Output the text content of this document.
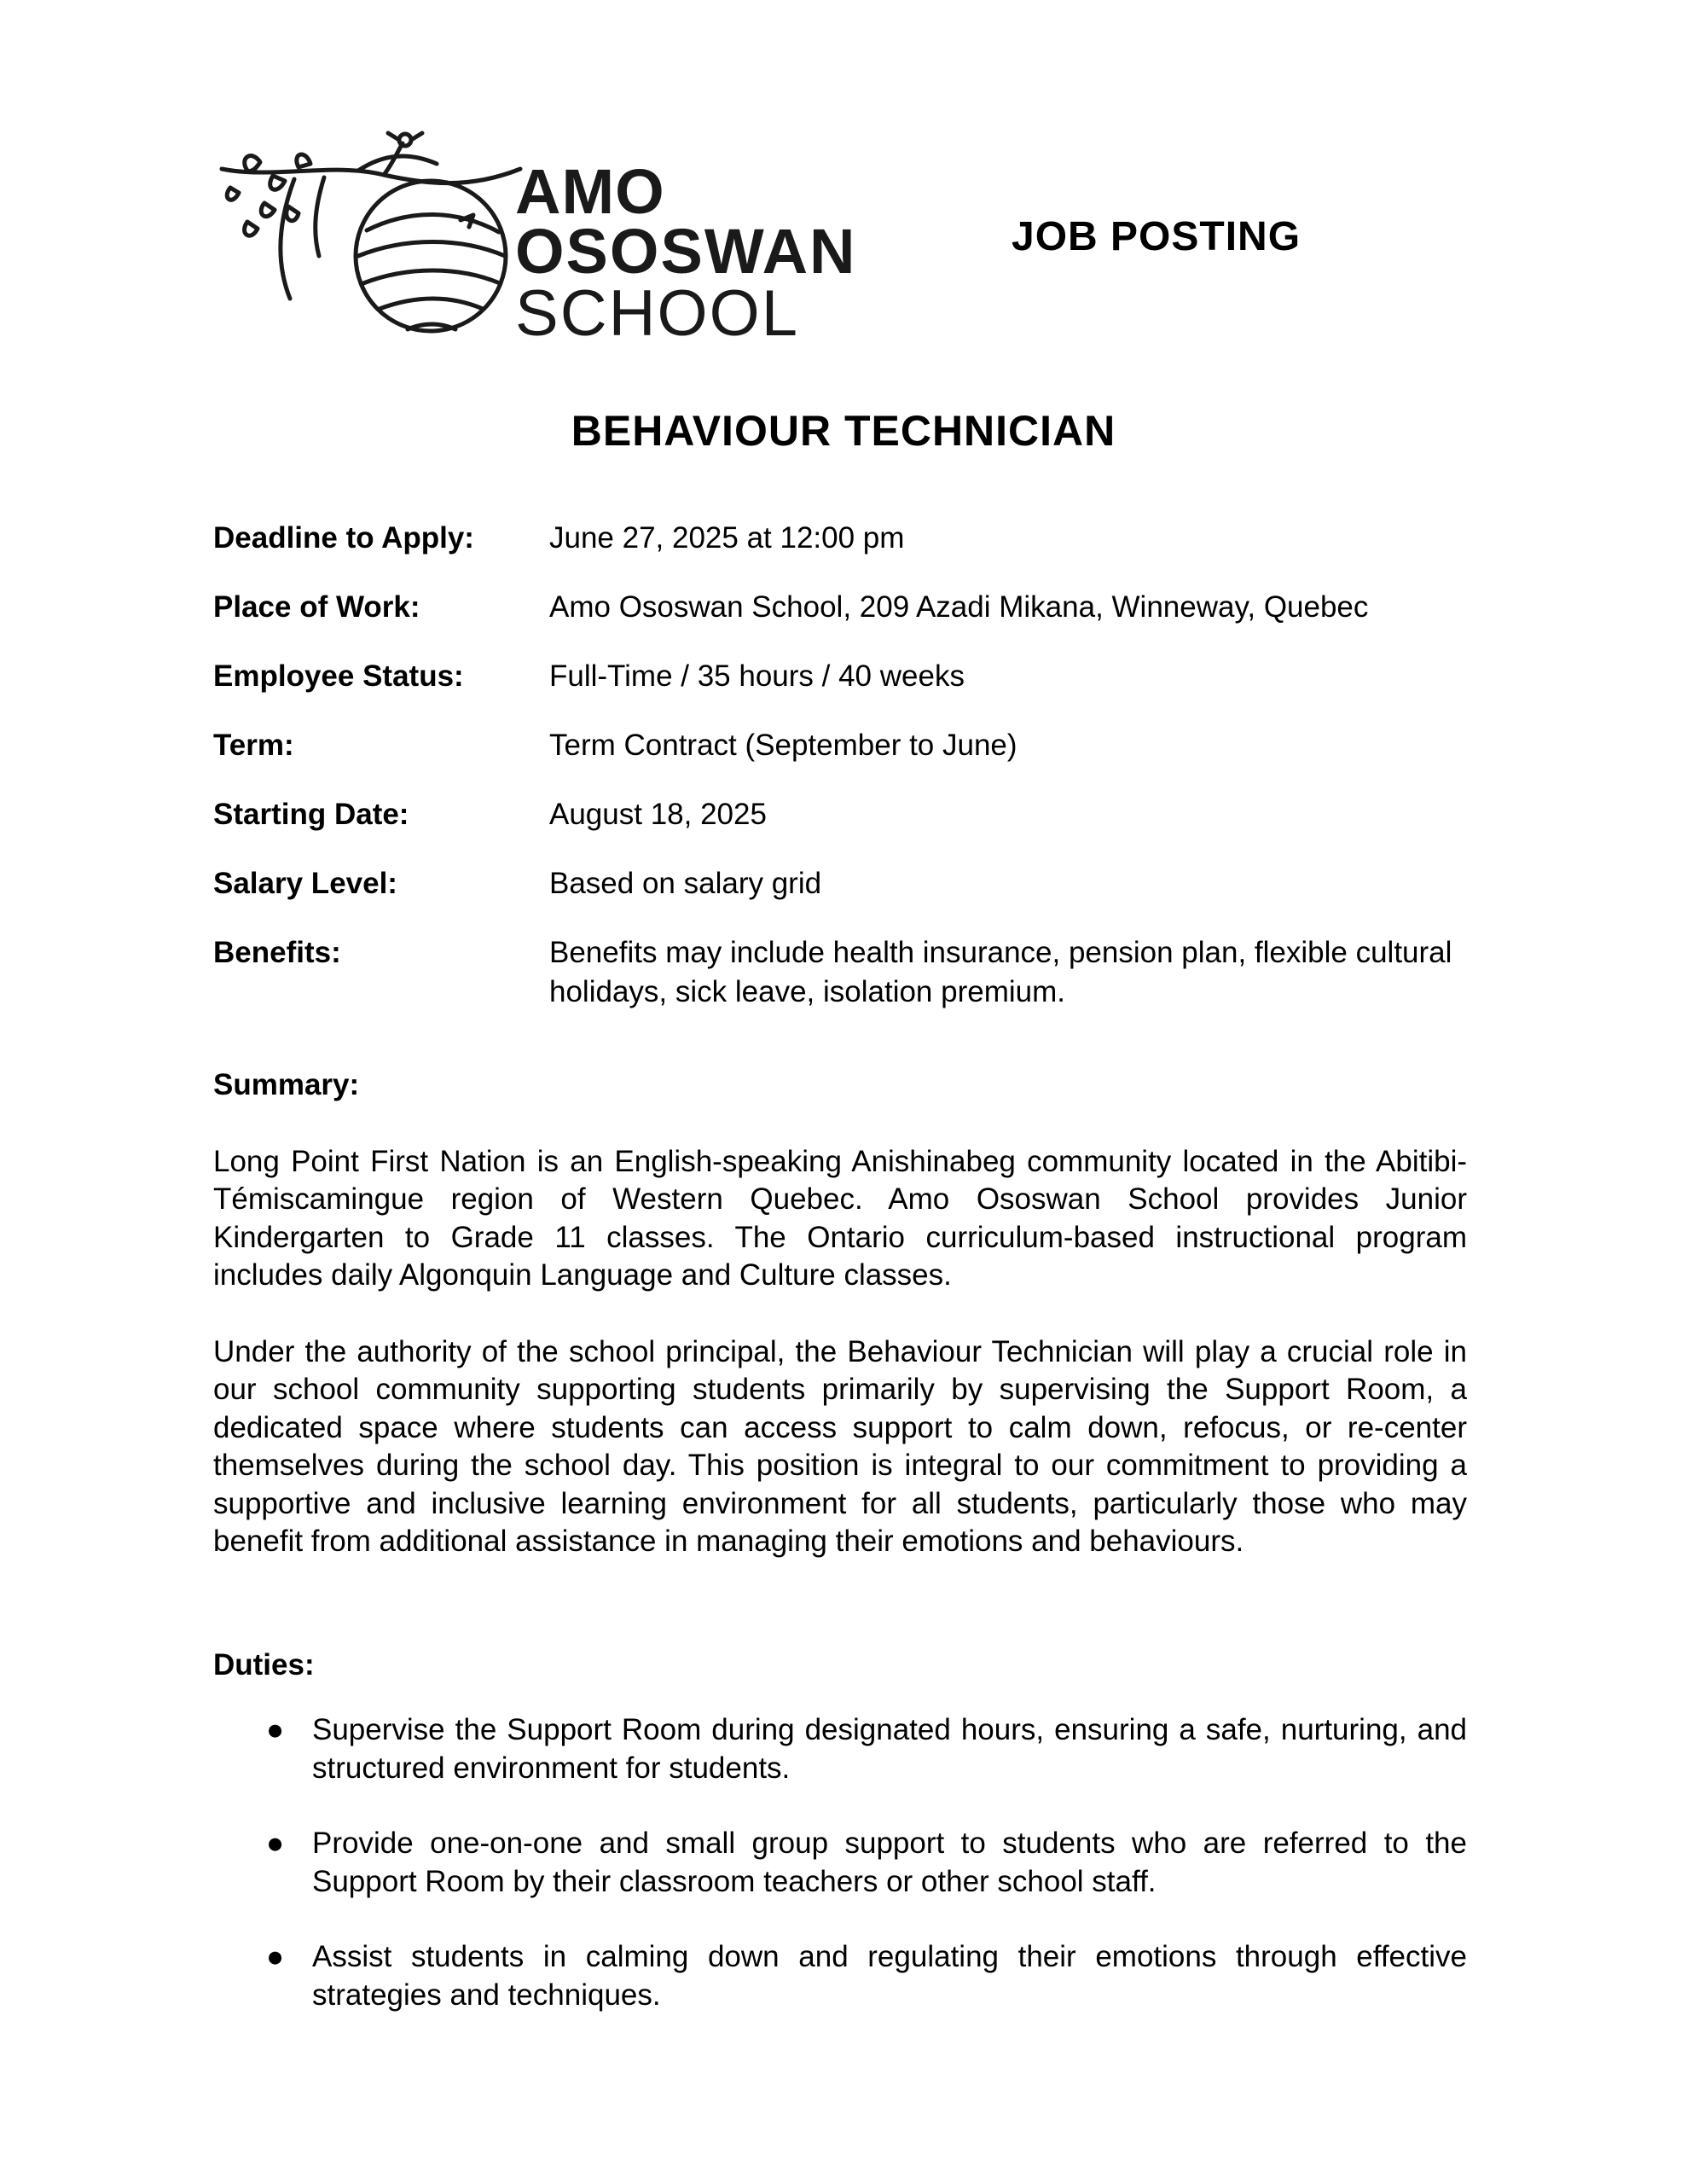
AMO
OSOSWAN
SCHOOL
JOB POSTING
BEHAVIOUR TECHNICIAN
Deadline to Apply:	June 27, 2025 at 12:00 pm
Place of Work:	Amo Ososwan School, 209 Azadi Mikana, Winneway, Quebec
Employee Status:	Full-Time / 35 hours / 40 weeks
Term:	Term Contract (September to June)
Starting Date:	August 18, 2025
Salary Level:	Based on salary grid
Benefits:	Benefits may include health insurance, pension plan, flexible cultural holidays, sick leave, isolation premium.
Summary:

Long Point First Nation is an English-speaking Anishinabeg community located in the Abitibi-Témiscamingue region of Western Quebec. Amo Ososwan School provides Junior Kindergarten to Grade 11 classes. The Ontario curriculum-based instructional program includes daily Algonquin Language and Culture classes.

Under the authority of the school principal, the Behaviour Technician will play a crucial role in our school community supporting students primarily by supervising the Support Room, a dedicated space where students can access support to calm down, refocus, or re-center themselves during the school day. This position is integral to our commitment to providing a supportive and inclusive learning environment for all students, particularly those who may benefit from additional assistance in managing their emotions and behaviours.

Duties:
● Supervise the Support Room during designated hours, ensuring a safe, nurturing, and structured environment for students.
● Provide one-on-one and small group support to students who are referred to the Support Room by their classroom teachers or other school staff.
● Assist students in calming down and regulating their emotions through effective strategies and techniques.
